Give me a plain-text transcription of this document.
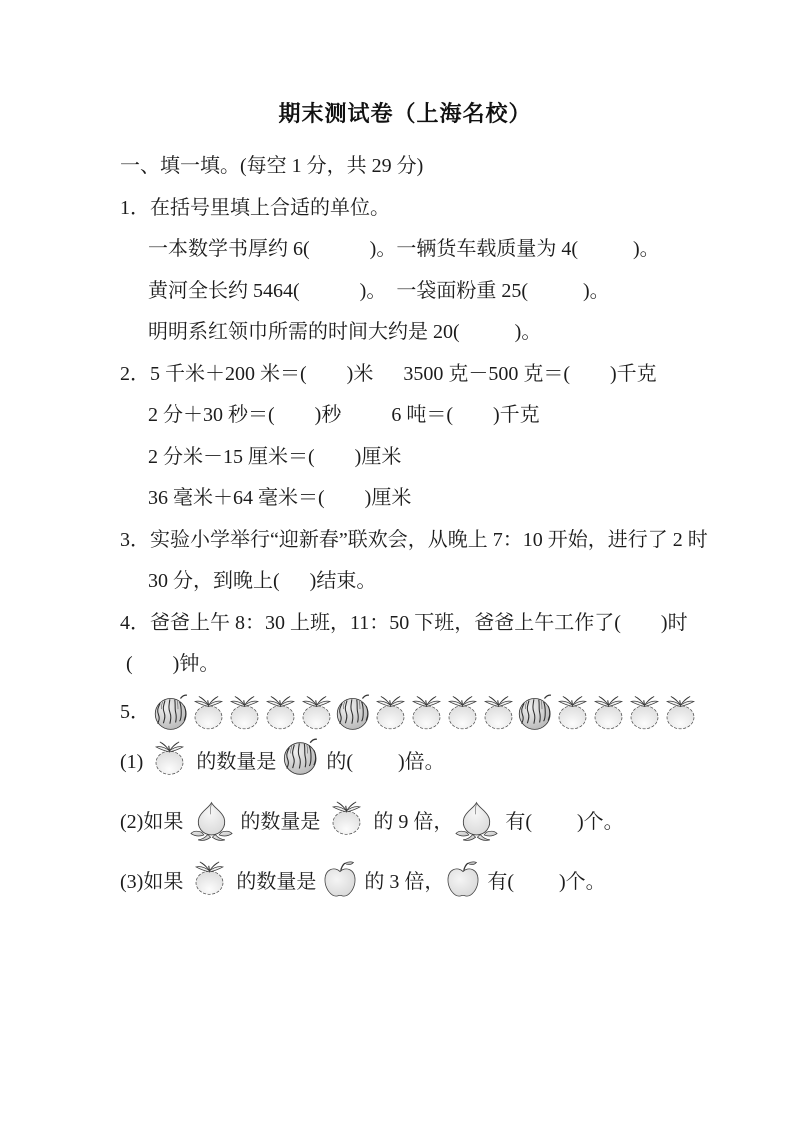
期末测试卷（上海名校）

一、填一填。(每空 1 分，共 29 分)

1．在括号里填上合适的单位。

一本数学书厚约 6(            )。一辆货车载质量为 4(           )。

黄河全长约 5464(            )。  一袋面粉重 25(           )。

明明系红领巾所需的时间大约是 20(           )。

2．5 千米＋200 米＝(        )米      3500 克－500 克＝(        )千克

2 分＋30 秒＝(        )秒          6 吨＝(        )千克

2 分米－15 厘米＝(        )厘米

36 毫米＋64 毫米＝(        )厘米

3．实验小学举行“迎新春”联欢会，从晚上 7：10 开始，进行了 2 时

30 分，到晚上(      )结束。

4．爸爸上午 8：30 上班，11：50 下班，爸爸上午工作了(        )时

(        )钟。

5．

(1)  的数量是  的(         )倍。

(2)如果  的数量是  的 9 倍， 有(         )个。

(3)如果  的数量是  的 3 倍， 有(         )个。
